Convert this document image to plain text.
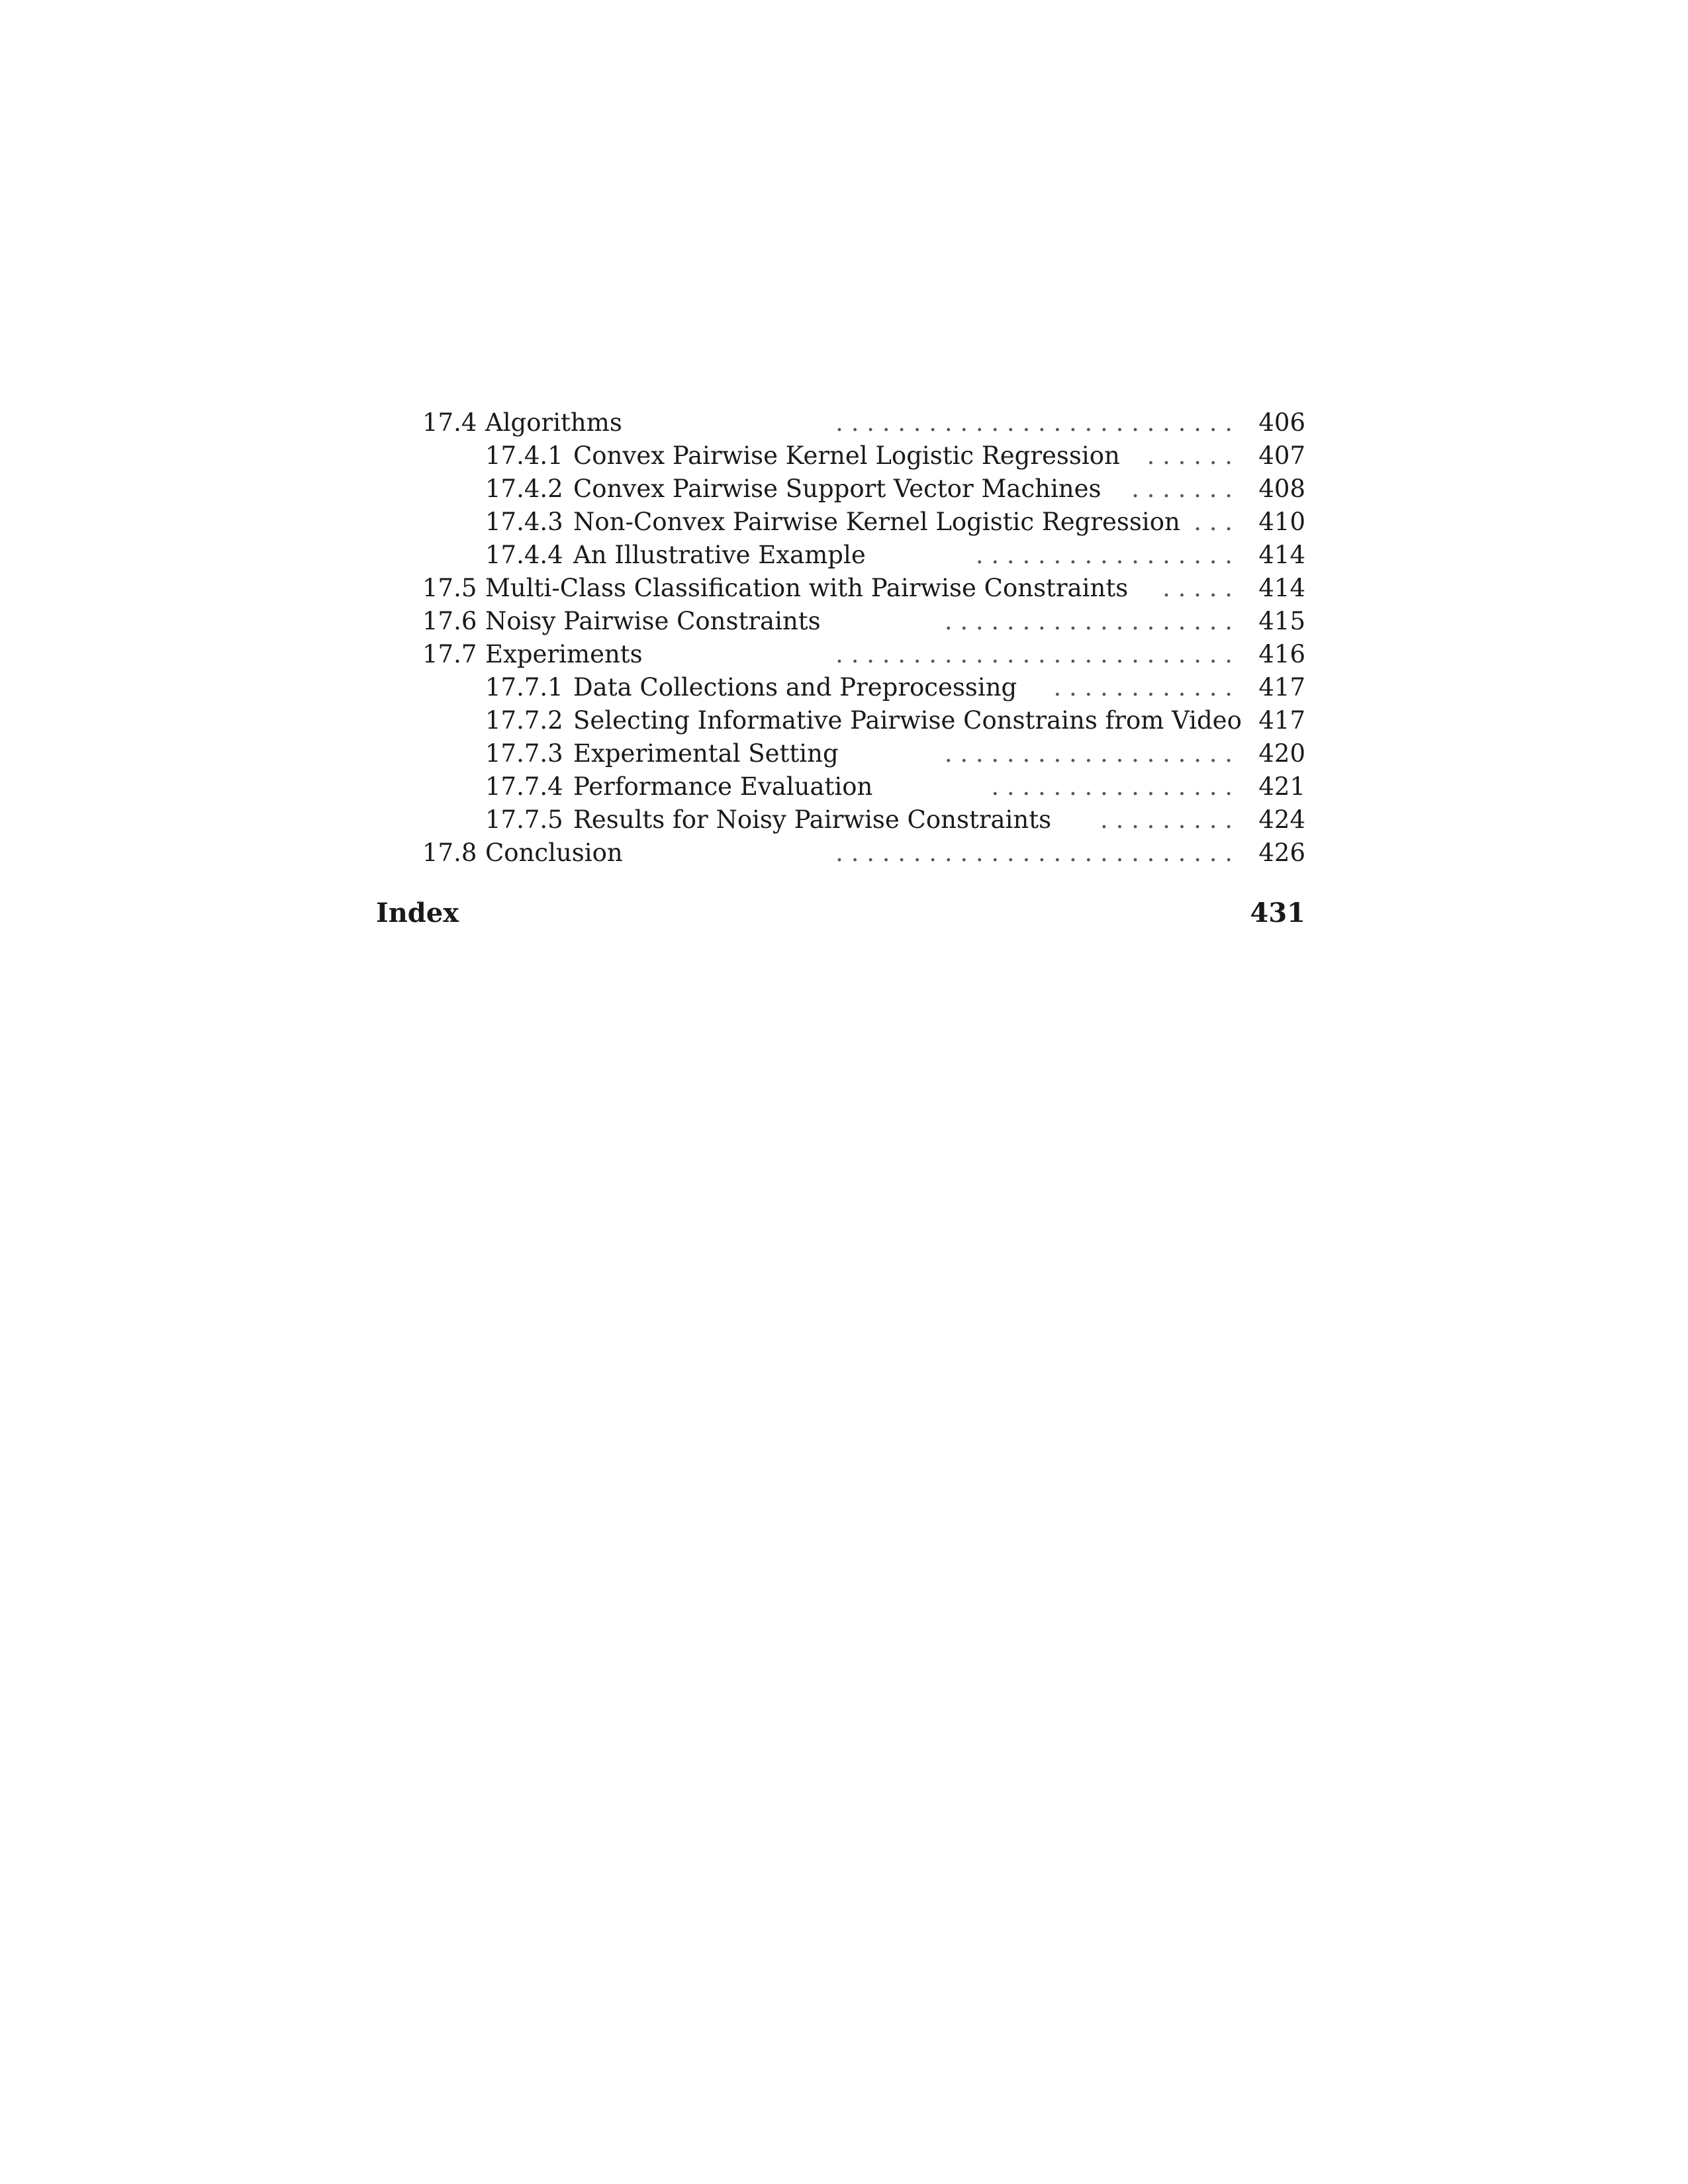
17.4 Algorithms	. . . . . . . . . . . . . . . . . . . . . . . . . . 406
17.4.1 Convex Pairwise Kernel Logistic Regression . . . . . . 407
17.4.2 Convex Pairwise Support Vector Machines . . . . . . . 408
17.4.3 Non-Convex Pairwise Kernel Logistic Regression . . . 410
17.4.4 An Illustrative Example	. . . . . . . . . . . . . . . . . 414
17.5 Multi-Class Classification with Pairwise Constraints . . . . . 414
17.6 Noisy Pairwise Constraints	. . . . . . . . . . . . . . . . . . . 415
17.7 Experiments	. . . . . . . . . . . . . . . . . . . . . . . . . . 416
17.7.1 Data Collections and Preprocessing . . . . . . . . . . . . 417
17.7.2 Selecting Informative Pairwise Constrains from Video 417
17.7.3 Experimental Setting	. . . . . . . . . . . . . . . . . . . 420
17.7.4 Performance Evaluation	. . . . . . . . . . . . . . . . 421
17.7.5 Results for Noisy Pairwise Constraints . . . . . . . . . 424
17.8 Conclusion	. . . . . . . . . . . . . . . . . . . . . . . . . . 426
Index	431
